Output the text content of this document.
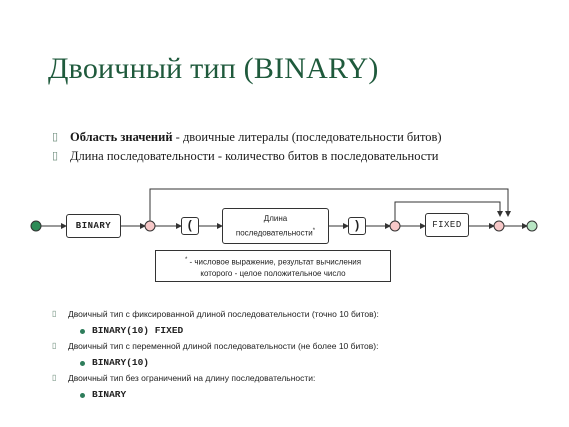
Двоичный тип (BINARY)
▯ Область значений - двоичные литералы (последовательности битов)
▯ Длина последовательности - количество битов в последовательности
BINARY	(
Длина
последовательности*	)	FIXED
* - числовое выражение, результат вычисления
которого - целое положительное число
▯ Двоичный тип с фиксированной длиной последовательности (точно 10 битов):
BINARY(10) FIXED
▯ Двоичный тип с переменной длиной последовательности (не более 10 битов):
BINARY(10)
▯ Двоичный тип без ограничений на длину последовательности:
BINARY
